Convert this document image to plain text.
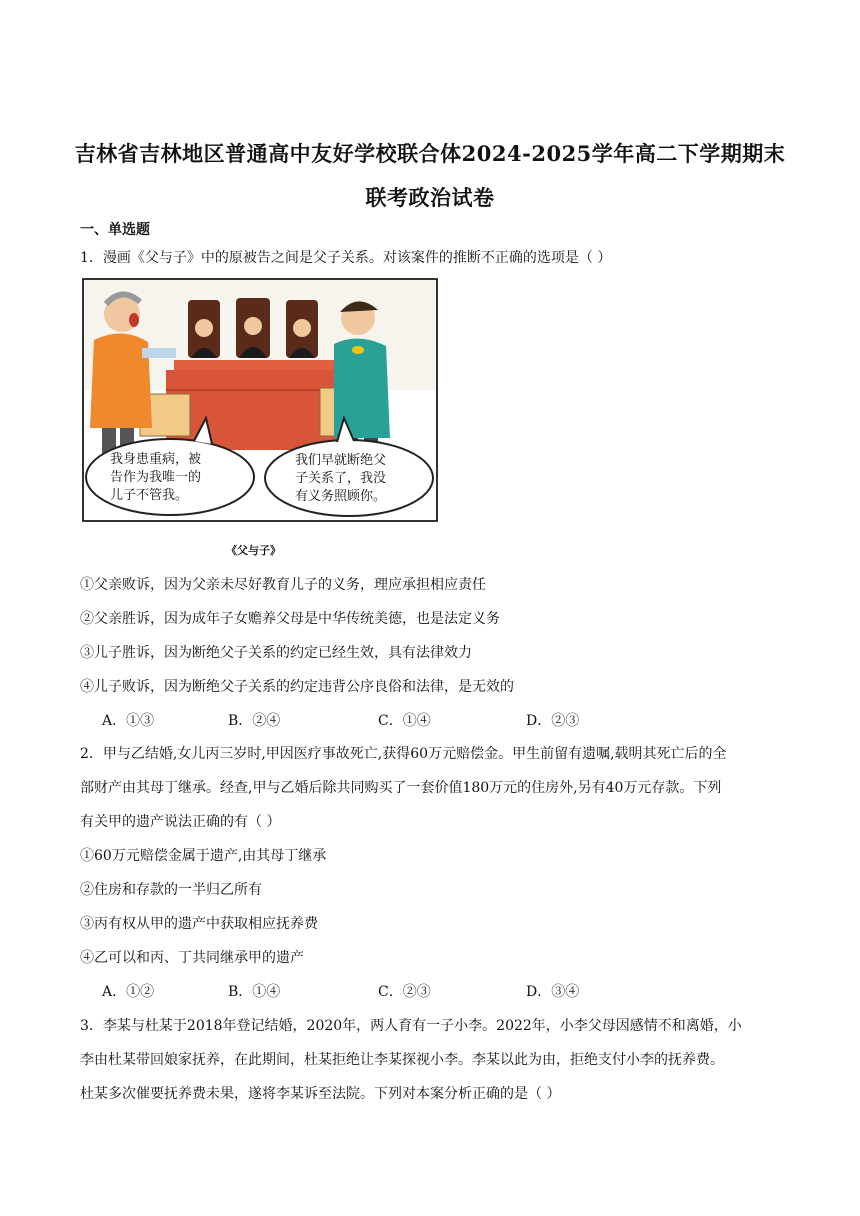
吉林省吉林地区普通高中友好学校联合体2024-2025学年高二下学期期末
联考政治试卷
一、单选题
1．漫画《父与子》中的原被告之间是父子关系。对该案件的推断不正确的选项是（ ）
我身患重病，被
告作为我唯一的
儿子不管我。
我们早就断绝父
子关系了，我没
有义务照顾你。
《父与子》
①父亲败诉，因为父亲未尽好教育儿子的义务，理应承担相应责任
②父亲胜诉，因为成年子女赡养父母是中华传统美德，也是法定义务
③儿子胜诉，因为断绝父子关系的约定已经生效，具有法律效力
④儿子败诉，因为断绝父子关系的约定违背公序良俗和法律，是无效的
A．①③	B．②④	C．①④	D．②③
2．甲与乙结婚,女儿丙三岁时,甲因医疗事故死亡,获得60万元赔偿金。甲生前留有遗嘱,载明其死亡后的全
部财产由其母丁继承。经查,甲与乙婚后除共同购买了一套价值180万元的住房外,另有40万元存款。下列
有关甲的遗产说法正确的有（ ）
①60万元赔偿金属于遗产,由其母丁继承
②住房和存款的一半归乙所有
③丙有权从甲的遗产中获取相应抚养费
④乙可以和丙、丁共同继承甲的遗产
A．①②	B．①④	C．②③	D．③④
3．李某与杜某于2018年登记结婚，2020年，两人育有一子小李。2022年，小李父母因感情不和离婚，小
李由杜某带回娘家抚养，在此期间，杜某拒绝让李某探视小李。李某以此为由，拒绝支付小李的抚养费。
杜某多次催要抚养费未果，遂将李某诉至法院。下列对本案分析正确的是（ ）
